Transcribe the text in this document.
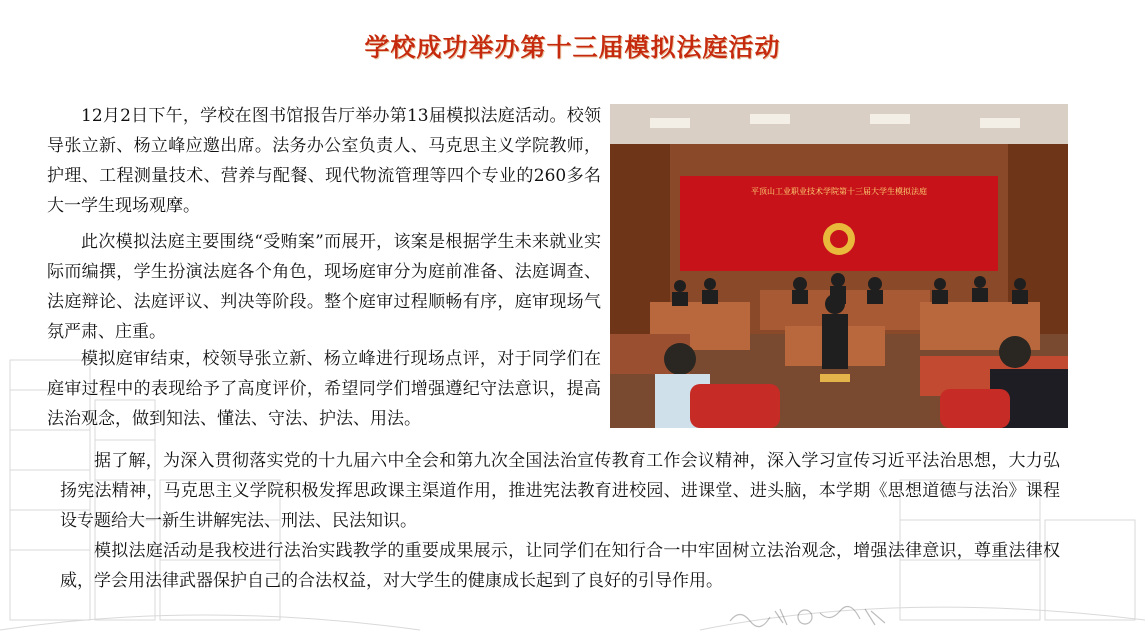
学校成功举办第十三届模拟法庭活动

12月2日下午，学校在图书馆报告厅举办第13届模拟法庭活动。校领导张立新、杨立峰应邀出席。法务办公室负责人、马克思主义学院教师，护理、工程测量技术、营养与配餐、现代物流管理等四个专业的260多名大一学生现场观摩。

此次模拟法庭主要围绕“受贿案”而展开，该案是根据学生未来就业实际而编撰，学生扮演法庭各个角色，现场庭审分为庭前准备、法庭调查、法庭辩论、法庭评议、判决等阶段。整个庭审过程顺畅有序，庭审现场气氛严肃、庄重。

模拟庭审结束，校领导张立新、杨立峰进行现场点评，对于同学们在庭审过程中的表现给予了高度评价，希望同学们增强遵纪守法意识，提高法治观念，做到知法、懂法、守法、护法、用法。

据了解，为深入贯彻落实党的十九届六中全会和第九次全国法治宣传教育工作会议精神，深入学习宣传习近平法治思想，大力弘扬宪法精神，马克思主义学院积极发挥思政课主渠道作用，推进宪法教育进校园、进课堂、进头脑，本学期《思想道德与法治》课程设专题给大一新生讲解宪法、刑法、民法知识。

模拟法庭活动是我校进行法治实践教学的重要成果展示，让同学们在知行合一中牢固树立法治观念，增强法律意识，尊重法律权威，学会用法律武器保护自己的合法权益，对大学生的健康成长起到了良好的引导作用。

平顶山工业职业技术学院第十三届大学生模拟法庭
